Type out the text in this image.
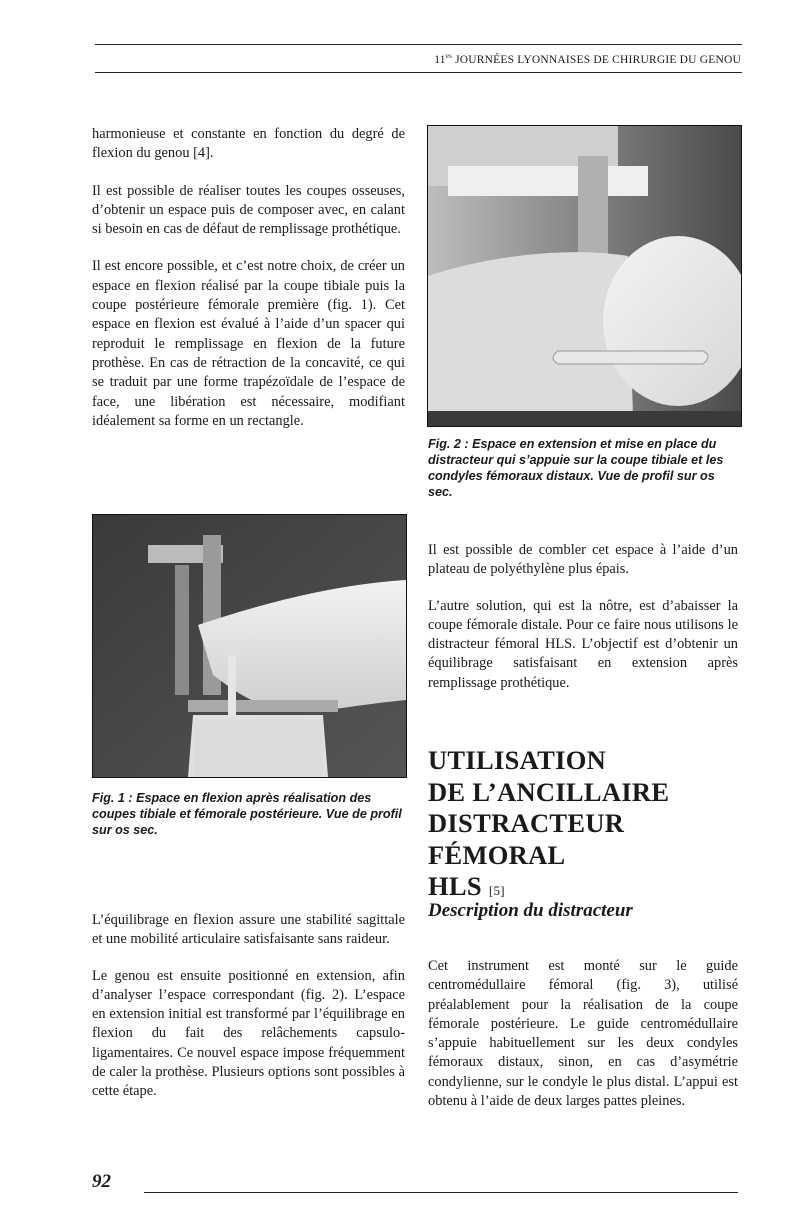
$11^{es}$ JOURNÉES LYONNAISES DE CHIRURGIE DU GENOU

harmonieuse et constante en fonction du degré de flexion du genou [4].

Il est possible de réaliser toutes les coupes osseuses, d’obtenir un espace puis de composer avec, en calant si besoin en cas de défaut de remplissage prothétique.

Il est encore possible, et c’est notre choix, de créer un espace en flexion réalisé par la coupe tibiale puis la coupe postérieure fémorale première (fig. 1). Cet espace en flexion est évalué à l’aide d’un spacer qui reproduit le remplissage en flexion de la future prothèse. En cas de rétraction de la concavité, ce qui se traduit par une forme trapézoïdale de l’espace de face, une libération est nécessaire, modifiant idéalement sa forme en un rectangle.

Fig. 1 : Espace en flexion après réalisation des coupes tibiale et fémorale postérieure. Vue de profil sur os sec.

L’équilibrage en flexion assure une stabilité sagittale et une mobilité articulaire satisfaisante sans raideur.

Le genou est ensuite positionné en extension, afin d’analyser l’espace correspondant (fig. 2). L’espace en extension initial est transformé par l’équilibrage en flexion du fait des relâchements capsulo-ligamentaires. Ce nouvel espace impose fréquemment de caler la prothèse. Plusieurs options sont possibles à cette étape.

Fig. 2 : Espace en extension et mise en place du distracteur qui s’appuie sur la coupe tibiale et les condyles fémoraux distaux. Vue de profil sur os sec.

Il est possible de combler cet espace à l’aide d’un plateau de polyéthylène plus épais.

L’autre solution, qui est la nôtre, est d’abaisser la coupe fémorale distale. Pour ce faire nous utilisons le distracteur fémoral HLS. L’objectif est d’obtenir un équilibrage satisfaisant en extension après remplissage prothétique.

UTILISATION
DE L’ANCILLAIRE
DISTRACTEUR FÉMORAL
HLS [5]
Description du distracteur

Cet instrument est monté sur le guide centromédullaire fémoral (fig. 3), utilisé préalablement pour la réalisation de la coupe fémorale postérieure. Le guide centromédullaire s’appuie habituellement sur les deux condyles fémoraux distaux, sinon, en cas d’asymétrie condylienne, sur le condyle le plus distal. L’appui est obtenu à l’aide de deux larges pattes pleines.

92
